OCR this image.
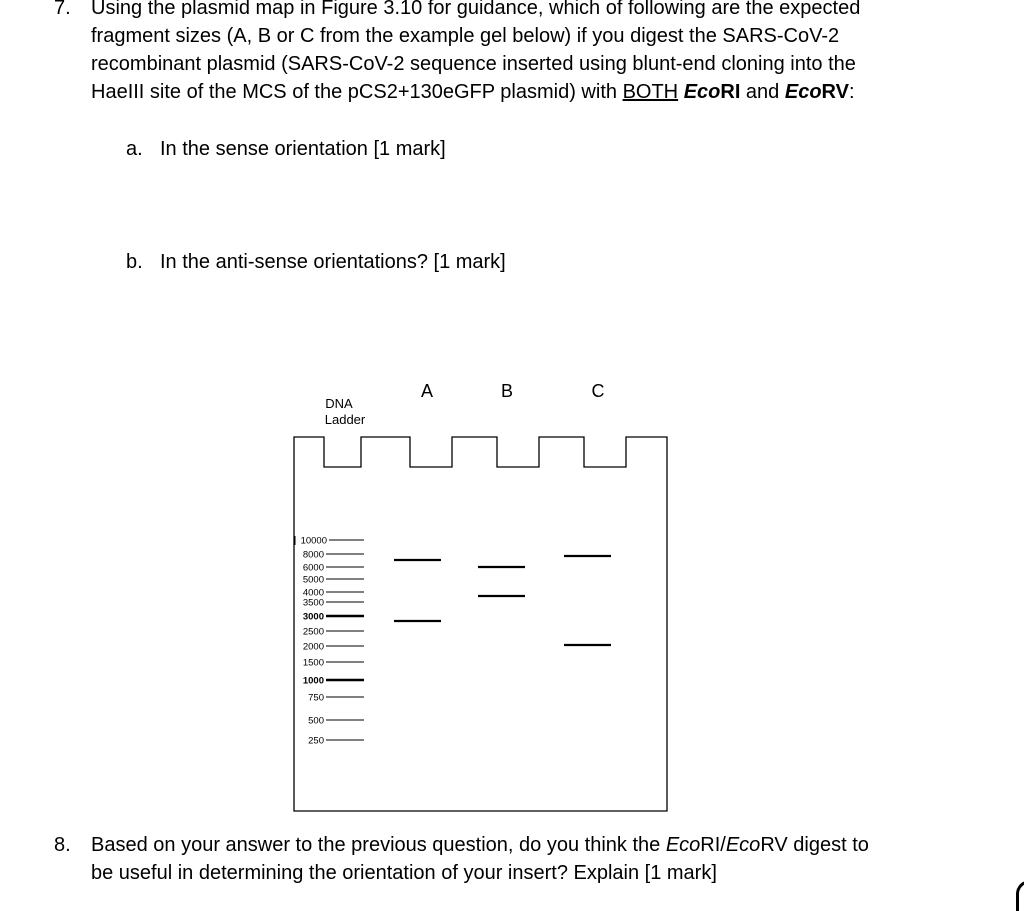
7. Using the plasmid map in Figure 3.10 for guidance, which of following are the expected
fragment sizes (A, B or C from the example gel below) if you digest the SARS-CoV-2
recombinant plasmid (SARS-CoV-2 sequence inserted using blunt-end cloning into the
HaeIII site of the MCS of the pCS2+130eGFP plasmid) with BOTH EcoRI and EcoRV:
a. In the sense orientation [1 mark]
b. In the anti-sense orientations? [1 mark]
DNA
Ladder
A	B	C
10000
8000
6000
5000
4000
3500
3000
2500
2000
1500
1000
750
500
250
8. Based on your answer to the previous question, do you think the EcoRI/EcoRV digest to
be useful in determining the orientation of your insert? Explain [1 mark]
